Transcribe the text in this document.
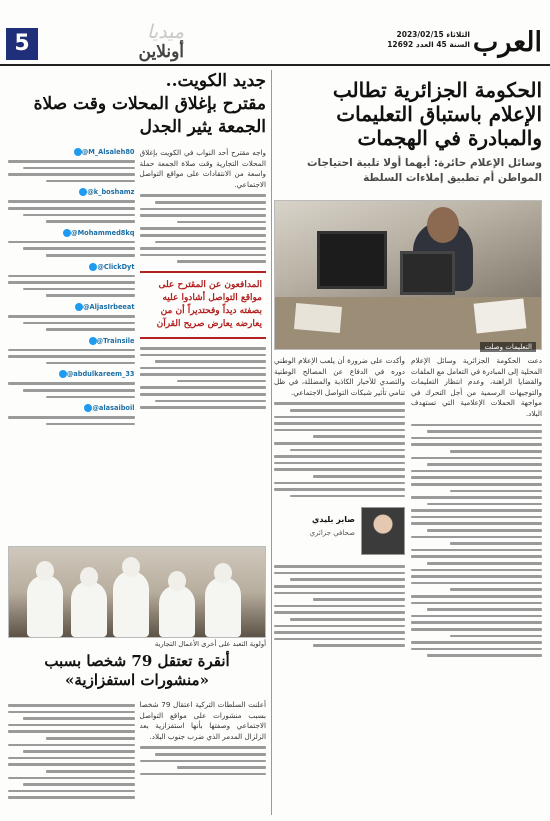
العرب
الثلاثاء 2023/02/15
السنة 45 العدد 12692
5	ميديا
أونلاين
الحكومة الجزائرية تطالب الإعلام باستباق التعليمات والمبادرة في الهجمات
وسائل الإعلام حائرة: أيهما أولا تلبية احتياجات المواطن أم تطبيق إملاءات السلطة
التعليمات وصلت

دعت الحكومة الجزائرية وسائل الإعلام المحلية إلى المبادرة في التعامل مع الملفات والقضايا الراهنة، وعدم انتظار التعليمات والتوجيهات الرسمية من أجل التحرك في مواجهة الحملات الإعلامية التي تستهدف البلاد.

وأكدت على ضرورة أن يلعب الإعلام الوطني دوره في الدفاع عن المصالح الوطنية والتصدي للأخبار الكاذبة والمضللة، في ظل تنامي تأثير شبكات التواصل الاجتماعي.

صابر بليدي
صحافي جزائري
جديد الكويت..
مقترح بإغلاق المحلات وقت صلاة الجمعة يثير الجدل

واجه مقترح أحد النواب في الكويت بإغلاق المحلات التجارية وقت صلاة الجمعة حملة واسعة من الانتقادات على مواقع التواصل الاجتماعي.

المدافعون عن المقترح على مواقع التواصل أشادوا عليه بصفته ديداً وفحتديراً أن من يعارضه يعارض صريح القرآن
@M_Alsaleh80
@k_boshamz
@Mohammed8kq
@ClickDyt
@AljasIrbeeat
@Trainsile
@abdulkareem_33
@alasaiboil
أولوية التعبد على أخرى الأعمال التجارية
أنقرة تعتقل 79 شخصا بسبب «منشورات استفزازية»

أعلنت السلطات التركية اعتقال 79 شخصا بسبب منشورات على مواقع التواصل الاجتماعي وصفتها بأنها استفزازية بعد الزلزال المدمر الذي ضرب جنوب البلاد.
